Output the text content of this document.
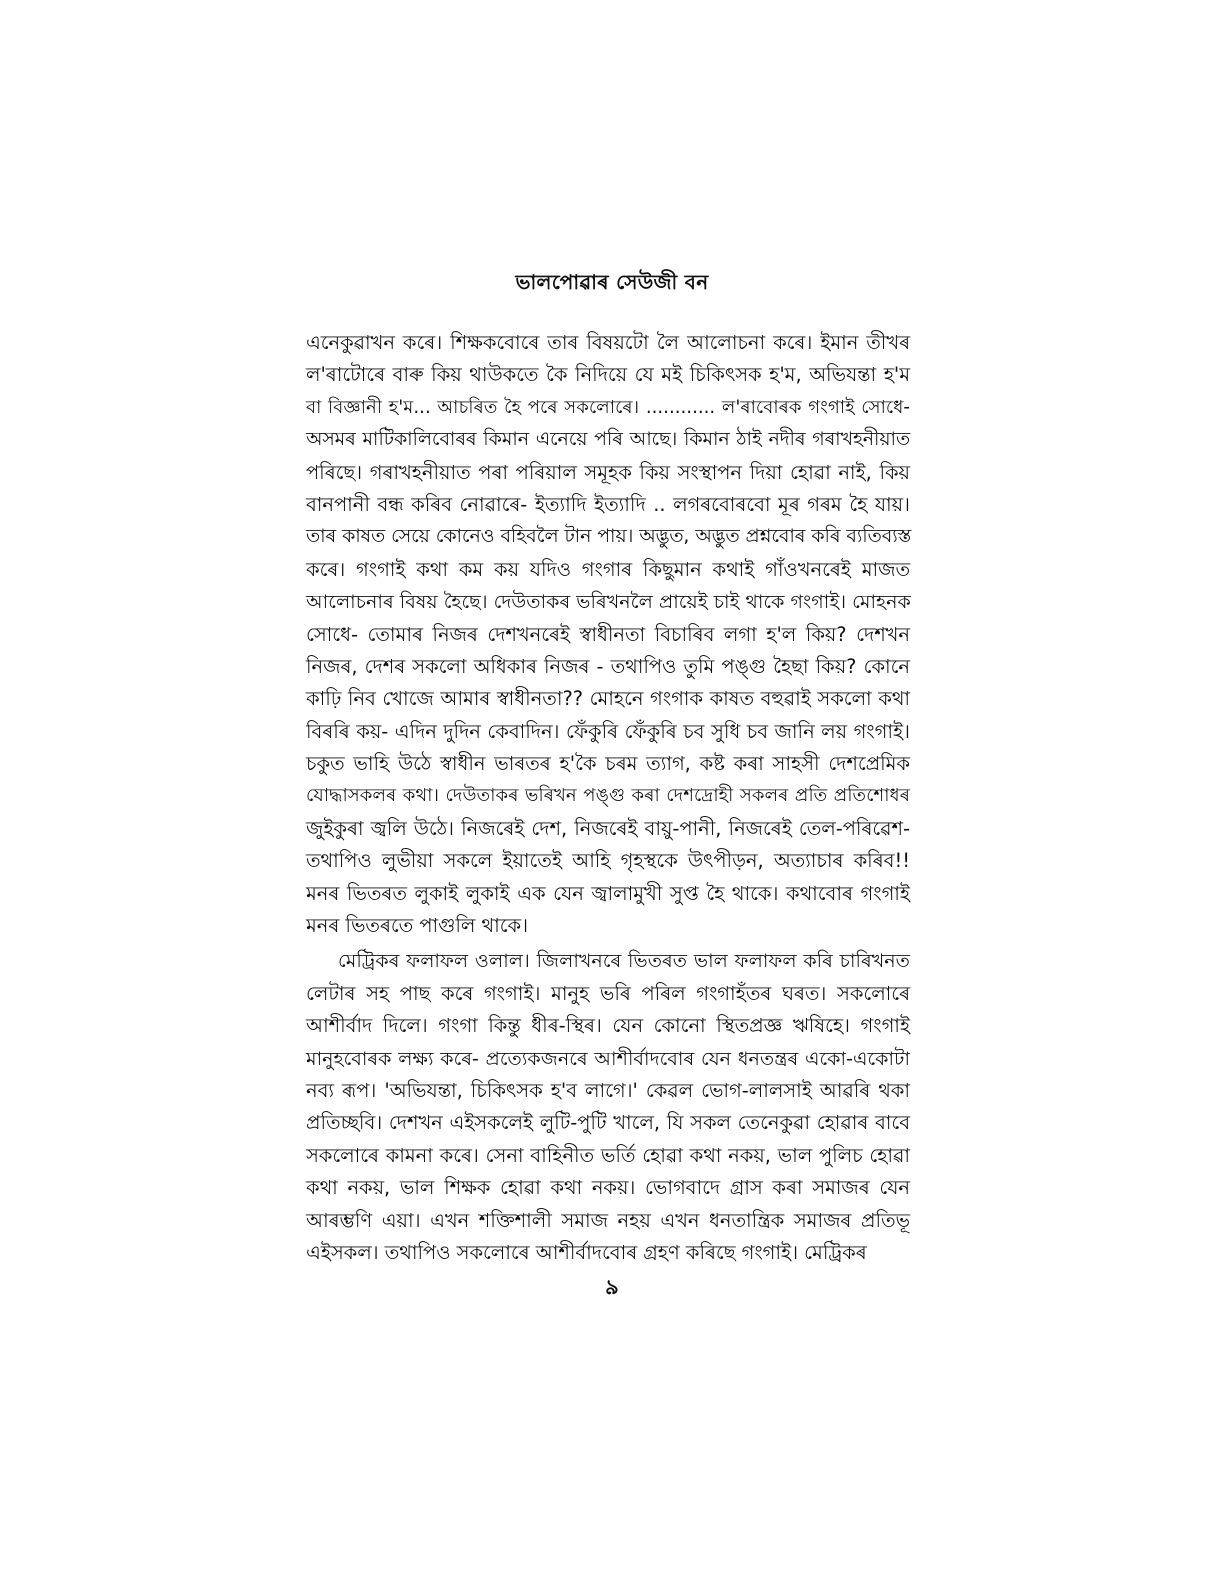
ভালপোৱাৰ সেউজী বন
এনেকুৱাখন কৰে। শিক্ষকবোৰে তাৰ বিষয়টো লৈ আলোচনা কৰে। ইমান তীখৰ
ল'ৰাটোৰে বাৰু কিয় থাউকতে কৈ নিদিয়ে যে মই চিকিৎসক হ'ম, অভিযন্তা হ'ম
বা বিজ্ঞানী হ'ম... আচৰিত হৈ পৰে সকলোৰে। ............ ল'ৰাবোৰক গংগাই সোধে-
অসমৰ মাটিকালিবোৰৰ কিমান এনেয়ে পৰি আছে। কিমান ঠাই নদীৰ গৰাখহনীয়াত
পৰিছে। গৰাখহনীয়াত পৰা পৰিয়াল সমূহক কিয় সংস্থাপন দিয়া হোৱা নাই, কিয়
বানপানী বন্ধ কৰিব নোৱাৰে- ইত্যাদি ইত্যাদি .. লগৰবোৰবো মূৰ গৰম হৈ যায়।
তাৰ কাষত সেয়ে কোনেও বহিবলৈ টান পায়। অদ্ভুত, অদ্ভুত প্ৰশ্নবোৰ কৰি ব্যতিব্যস্ত
কৰে। গংগাই কথা কম কয় যদিও গংগাৰ কিছুমান কথাই গাঁওখনৰেই মাজত
আলোচনাৰ বিষয় হৈছে। দেউতাকৰ ভৰিখনলৈ প্ৰায়েই চাই থাকে গংগাই। মোহনক
সোধে- তোমাৰ নিজৰ দেশখনৰেই স্বাধীনতা বিচাৰিব লগা হ'ল কিয়? দেশখন
নিজৰ, দেশৰ সকলো অধিকাৰ নিজৰ - তথাপিও তুমি পঙ্গু হৈছা কিয়? কোনে
কাঢ়ি নিব খোজে আমাৰ স্বাধীনতা?? মোহনে গংগাক কাষত বহুৱাই সকলো কথা
বিৰৰি কয়- এদিন দুদিন কেবাদিন। ফেঁকুৰি ফেঁকুৰি চব সুধি চব জানি লয় গংগাই।
চকুত ভাহি উঠে স্বাধীন ভাৰতৰ হ'কৈ চৰম ত্যাগ, কষ্ট কৰা সাহসী দেশপ্ৰেমিক
যোদ্ধাসকলৰ কথা। দেউতাকৰ ভৰিখন পঙ্গু কৰা দেশদ্ৰোহী সকলৰ প্ৰতি প্ৰতিশোধৰ
জুইকুৰা জ্বলি উঠে। নিজৰেই দেশ, নিজৰেই বায়ু-পানী, নিজৰেই তেল-পৰিৱেশ-
তথাপিও লুভীয়া সকলে ইয়াতেই আহি গৃহস্থকে উৎপীড়ন, অত্যাচাৰ কৰিব!!
মনৰ ভিতৰত লুকাই লুকাই এক যেন জ্বালামুখী সুপ্ত হৈ থাকে। কথাবোৰ গংগাই
মনৰ ভিতৰতে পাগুলি থাকে।
মেট্ৰিকৰ ফলাফল ওলাল। জিলাখনৰে ভিতৰত ভাল ফলাফল কৰি চাৰিখনত
লেটাৰ সহ পাছ কৰে গংগাই। মানুহ ভৰি পৰিল গংগাহঁতৰ ঘৰত। সকলোৰে
আশীৰ্বাদ দিলে। গংগা কিন্তু ধীৰ-স্থিৰ। যেন কোনো স্থিতপ্ৰজ্ঞ ঋষিহে। গংগাই
মানুহবোৰক লক্ষ্য কৰে- প্ৰত্যেকজনৰে আশীৰ্বাদবোৰ যেন ধনতন্ত্ৰৰ একো-একোটা
নব্য ৰূপ। 'অভিযন্তা, চিকিৎসক হ'ব লাগে।' কেৱল ভোগ-লালসাই আৱৰি থকা
প্ৰতিচ্ছবি। দেশখন এইসকলেই লুটি-পুটি খালে, যি সকল তেনেকুৱা হোৱাৰ বাবে
সকলোৰে কামনা কৰে। সেনা বাহিনীত ভৰ্তি হোৱা কথা নকয়, ভাল পুলিচ হোৱা
কথা নকয়, ভাল শিক্ষক হোৱা কথা নকয়। ভোগবাদে গ্ৰাস কৰা সমাজৰ যেন
আৰম্ভণি এয়া। এখন শক্তিশালী সমাজ নহয় এখন ধনতান্ত্ৰিক সমাজৰ প্ৰতিভূ
এইসকল। তথাপিও সকলোৰে আশীৰ্বাদবোৰ গ্ৰহণ কৰিছে গংগাই। মেট্ৰিকৰ
৯
